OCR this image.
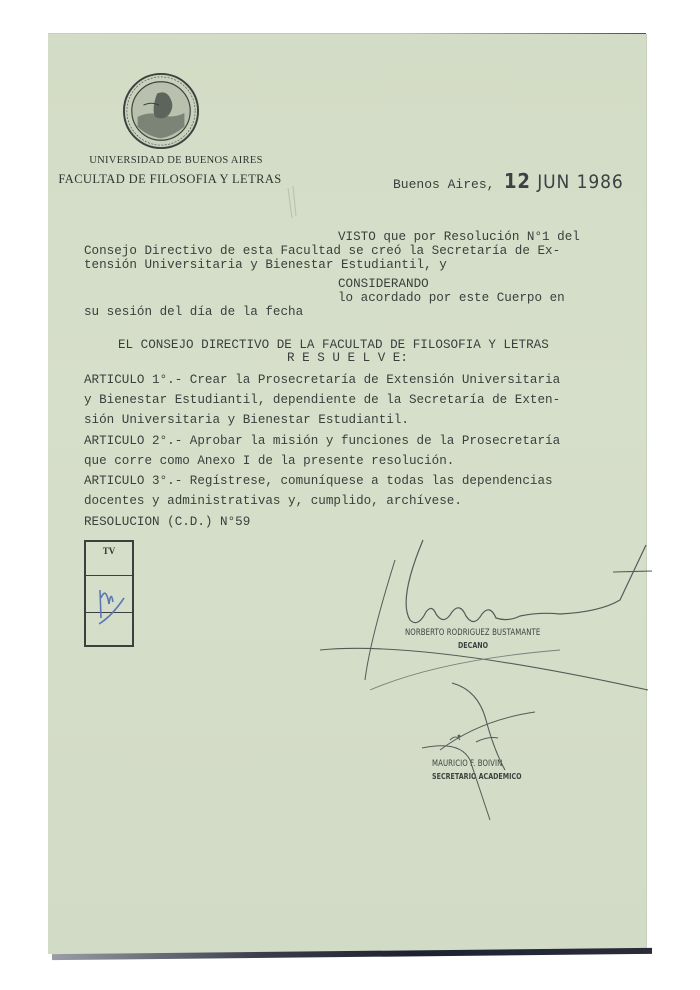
UNIVERSIDAD DE BUENOS AIRES
FACULTAD DE FILOSOFIA Y LETRAS	Buenos Aires, 12 JUN 1986
VISTO que por Resolución N°1 del
Consejo Directivo de esta Facultad se creó la Secretaría de Ex-
tensión Universitaria y Bienestar Estudiantil, y
CONSIDERANDO
lo acordado por este Cuerpo en
su sesión del día de la fecha
EL CONSEJO DIRECTIVO DE LA FACULTAD DE FILOSOFIA Y LETRAS
R E S U E L V E:
ARTICULO 1°.- Crear la Prosecretaría de Extensión Universitaria
y Bienestar Estudiantil, dependiente de la Secretaría de Exten-
sión Universitaria y Bienestar Estudiantil.
ARTICULO 2°.- Aprobar la misión y funciones de la Prosecretaría
que corre como Anexo I de la presente resolución.
ARTICULO 3°.- Regístrese, comuníquese a todas las dependencias
docentes y administrativas y, cumplido, archívese.
RESOLUCION (C.D.) N°59
TV
NORBERTO RODRIGUEZ BUSTAMANTE
DECANO
MAURICIO F. BOIVIN
SECRETARIO ACADEMICO
